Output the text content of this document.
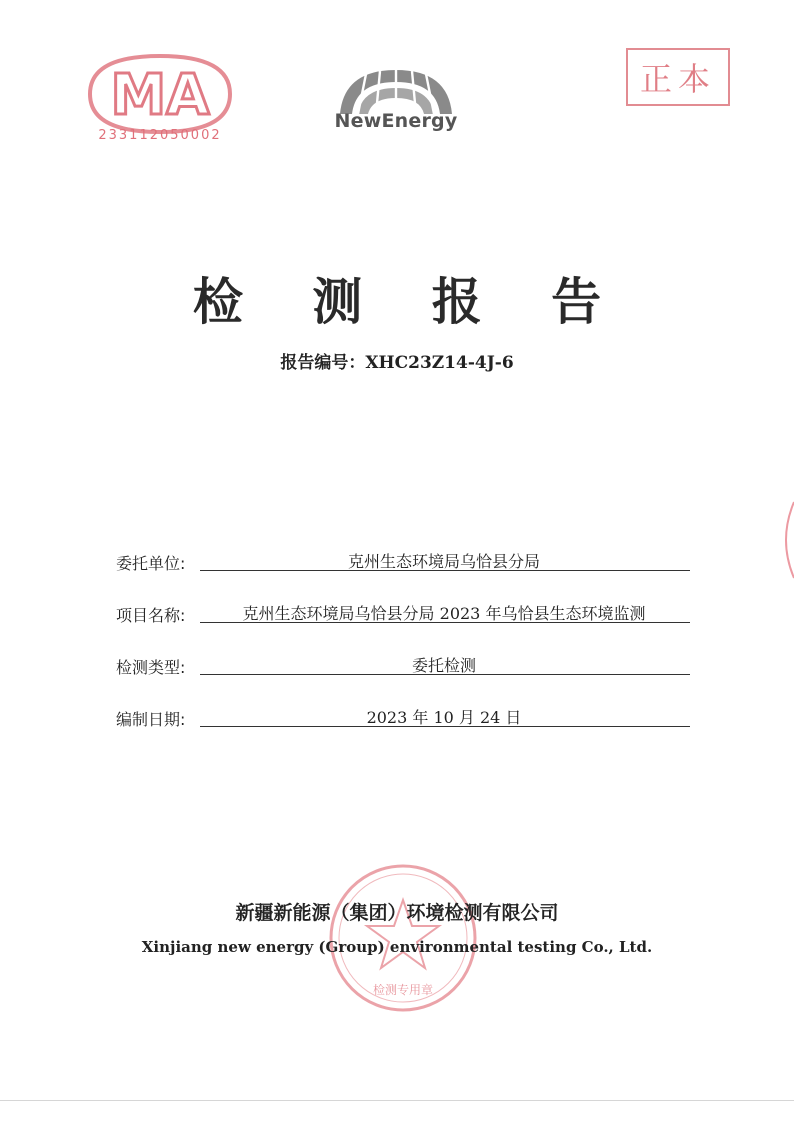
MA
233112050002
NewEnergy
正本
检 测 报 告
报告编号：XHC23Z14-4J-6
委托单位:	克州生态环境局乌恰县分局
项目名称:	克州生态环境局乌恰县分局 2023 年乌恰县生态环境监测
检测类型:	委托检测
编制日期:	2023 年 10 月 24 日
检测专用章
新疆新能源（集团）环境检测有限公司
Xinjiang new energy (Group) environmental testing Co., Ltd.
